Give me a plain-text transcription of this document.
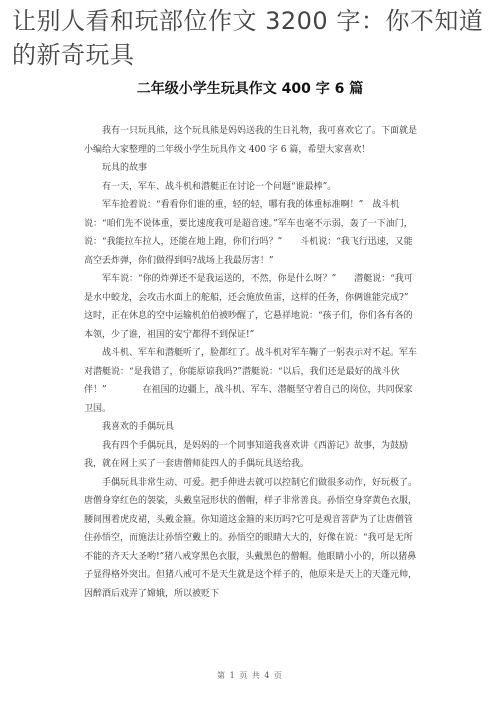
让别人看和玩部位作文 3200 字：你不知道的新奇玩具
二年级小学生玩具作文 400 字 6 篇

我有一只玩具熊，这个玩具熊是妈妈送我的生日礼物，我可喜欢它了。下面就是小编给大家整理的二年级小学生玩具作文 400 字 6 篇，希望大家喜欢！

玩具的故事

有一天，军车、战斗机和潜艇正在讨论一个问题“谁最棒”。

军车抢着说：“看看你们谁的重，轻的轻，哪有我的体重标准啊！”　战斗机说：“咱们先不说体重，要比速度我可是超音速。”军车也毫不示弱，轰了一下油门，说：“我能拉车拉人，还能在地上跑，你们行吗？”　　斗机说：“我飞行迅速，又能高空丢炸弹，你们做得到吗?战场上我最厉害！”

军车说：“你的炸弹还不是我运送的，不然，你是什么呀？”　　潜艇说：“我可是水中蛟龙，会攻击水面上的舵船，还会施放鱼雷，这样的任务，你俩谁能完成?”　　　　这时，正在休息的空中运输机伯伯被吵醒了，它悬祥地说：“孩子们，你们各有各的本领，少了谁，祖国的安宁都得不到保证!”

战斗机、军车和潜艇听了，脸都红了。战斗机对军车鞠了一躬表示对不起。军车对潜艇说：“是我错了，你能原谅我吗?”潜艇说：“以后，我们还是最好的战斗伙伴！”　　　　在祖国的边疆上，战斗机、军车、潜艇坚守着自己的岗位，共同保家卫国。

我喜欢的手偶玩具

我有四个手偶玩具，是妈妈的一个同事知道我喜欢讲《西游记》故事，为鼓励我，就在网上买了一套唐僧师徒四人的手偶玩具送给我。

手偶玩具非常生动、可爱。把手伸进去就可以控制它们做很多动作，好玩极了。唐僧身穿红色的袈裟，头戴皇冠形状的僧帽，样子非常善良。孙悟空身穿黄色衣服，腰间围着虎皮裙，头戴金箍。你知道这金箍的来历吗?它可是观音菩萨为了让唐僧管住孙悟空，而施法让孙悟空戴上的。孙悟空的眼睛大大的，好像在说：“我可是无所不能的齐天大圣哟!”猪八戒穿黑色衣服，头戴黑色的僧帽。他眼睛小小的，所以猪鼻子显得格外突出。但猪八戒可不是天生就是这个样子的，他原来是天上的天蓬元帅，因醉酒后戏弄了嫦娥，所以被贬下

第 1 页 共 4 页
